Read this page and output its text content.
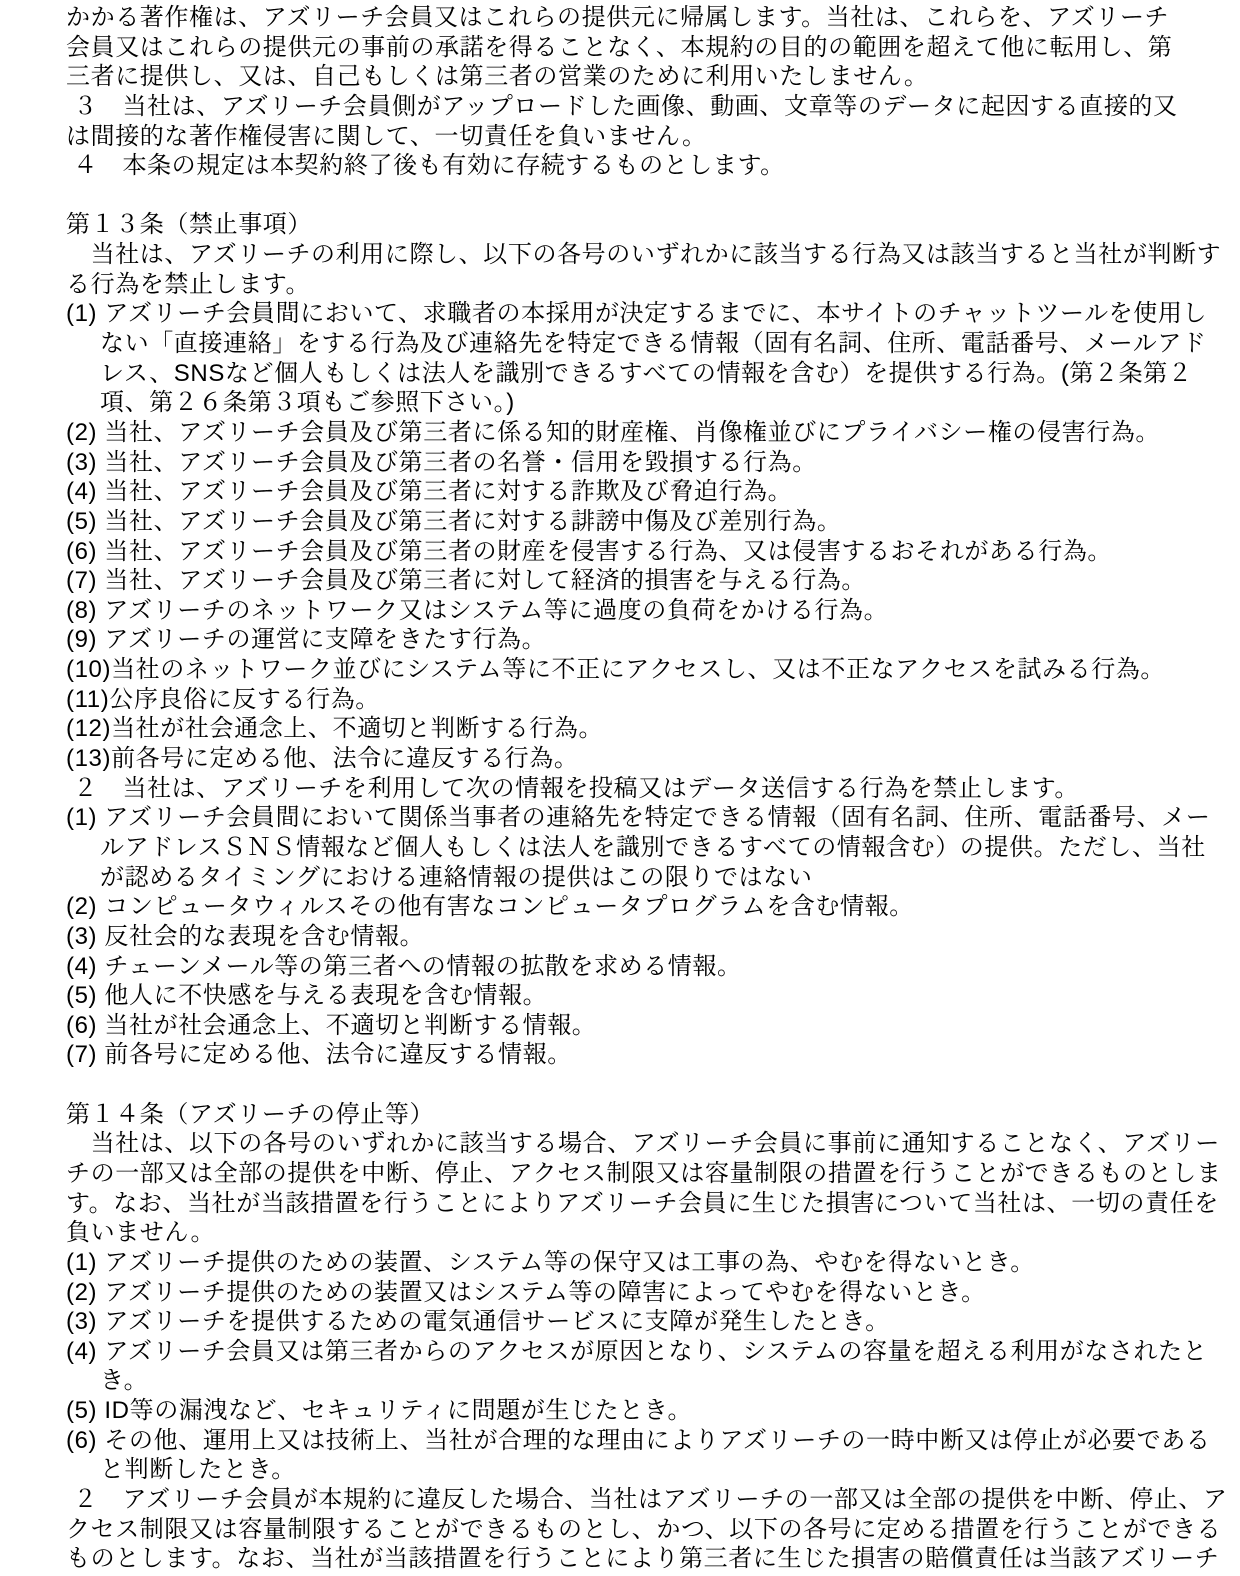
かかる著作権は、アズリーチ会員又はこれらの提供元に帰属します。当社は、これらを、アズリーチ
会員又はこれらの提供元の事前の承諾を得ることなく、本規約の目的の範囲を超えて他に転用し、第
三者に提供し、又は、自己もしくは第三者の営業のために利用いたしません。
３　当社は、アズリーチ会員側がアップロードした画像、動画、文章等のデータに起因する直接的又
は間接的な著作権侵害に関して、一切責任を負いません。
４　本条の規定は本契約終了後も有効に存続するものとします。
第１３条（禁止事項）
　当社は、アズリーチの利用に際し、以下の各号のいずれかに該当する行為又は該当すると当社が判断す
る行為を禁止します。
(1) アズリーチ会員間において、求職者の本採用が決定するまでに、本サイトのチャットツールを使用し
ない「直接連絡」をする行為及び連絡先を特定できる情報（固有名詞、住所、電話番号、メールアド
レス、SNSなど個人もしくは法人を識別できるすべての情報を含む）を提供する行為。(第２条第２
項、第２６条第３項もご参照下さい。)
(2) 当社、アズリーチ会員及び第三者に係る知的財産権、肖像権並びにプライバシー権の侵害行為。
(3) 当社、アズリーチ会員及び第三者の名誉・信用を毀損する行為。
(4) 当社、アズリーチ会員及び第三者に対する詐欺及び脅迫行為。
(5) 当社、アズリーチ会員及び第三者に対する誹謗中傷及び差別行為。
(6) 当社、アズリーチ会員及び第三者の財産を侵害する行為、又は侵害するおそれがある行為。
(7) 当社、アズリーチ会員及び第三者に対して経済的損害を与える行為。
(8) アズリーチのネットワーク又はシステム等に過度の負荷をかける行為。
(9) アズリーチの運営に支障をきたす行為。
(10)当社のネットワーク並びにシステム等に不正にアクセスし、又は不正なアクセスを試みる行為。
(11)公序良俗に反する行為。
(12)当社が社会通念上、不適切と判断する行為。
(13)前各号に定める他、法令に違反する行為。
２　当社は、アズリーチを利用して次の情報を投稿又はデータ送信する行為を禁止します。
(1) アズリーチ会員間において関係当事者の連絡先を特定できる情報（固有名詞、住所、電話番号、メー
ルアドレスＳＮＳ情報など個人もしくは法人を識別できるすべての情報含む）の提供。ただし、当社
が認めるタイミングにおける連絡情報の提供はこの限りではない
(2) コンピュータウィルスその他有害なコンピュータプログラムを含む情報。
(3) 反社会的な表現を含む情報。
(4) チェーンメール等の第三者への情報の拡散を求める情報。
(5) 他人に不快感を与える表現を含む情報。
(6) 当社が社会通念上、不適切と判断する情報。
(7) 前各号に定める他、法令に違反する情報。
第１４条（アズリーチの停止等）
　当社は、以下の各号のいずれかに該当する場合、アズリーチ会員に事前に通知することなく、アズリー
チの一部又は全部の提供を中断、停止、アクセス制限又は容量制限の措置を行うことができるものとしま
す。なお、当社が当該措置を行うことによりアズリーチ会員に生じた損害について当社は、一切の責任を
負いません。
(1) アズリーチ提供のための装置、システム等の保守又は工事の為、やむを得ないとき。
(2) アズリーチ提供のための装置又はシステム等の障害によってやむを得ないとき。
(3) アズリーチを提供するための電気通信サービスに支障が発生したとき。
(4) アズリーチ会員又は第三者からのアクセスが原因となり、システムの容量を超える利用がなされたと
き。
(5) ID等の漏洩など、セキュリティに問題が生じたとき。
(6) その他、運用上又は技術上、当社が合理的な理由によりアズリーチの一時中断又は停止が必要である
と判断したとき。
２　アズリーチ会員が本規約に違反した場合、当社はアズリーチの一部又は全部の提供を中断、停止、ア
クセス制限又は容量制限することができるものとし、かつ、以下の各号に定める措置を行うことができる
ものとします。なお、当社が当該措置を行うことにより第三者に生じた損害の賠償責任は当該アズリーチ
